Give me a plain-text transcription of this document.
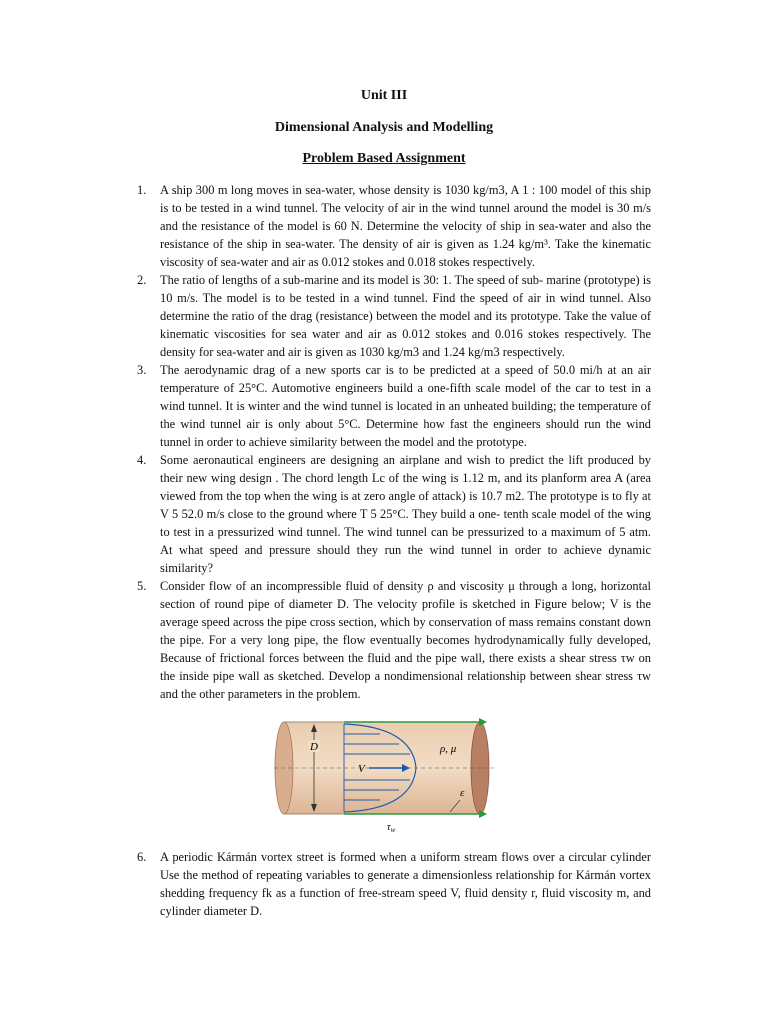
Unit III
Dimensional Analysis and Modelling
Problem Based Assignment
1. A ship 300 m long moves in sea-water, whose density is 1030 kg/m3, A 1 : 100 model of this ship is to be tested in a wind tunnel. The velocity of air in the wind tunnel around the model is 30 m/s and the resistance of the model is 60 N. Determine the velocity of ship in sea-water and also the resistance of the ship in sea-water. The density of air is given as 1.24 kg/m³. Take the kinematic viscosity of sea-water and air as 0.012 stokes and 0.018 stokes respectively.
2. The ratio of lengths of a sub-marine and its model is 30: 1. The speed of sub- marine (prototype) is 10 m/s. The model is to be tested in a wind tunnel. Find the speed of air in wind tunnel. Also determine the ratio of the drag (resistance) between the model and its prototype. Take the value of kinematic viscosities for sea water and air as 0.012 stokes and 0.016 stokes respectively. The density for sea-water and air is given as 1030 kg/m3 and 1.24 kg/m3 respectively.
3. The aerodynamic drag of a new sports car is to be predicted at a speed of 50.0 mi/h at an air temperature of 25°C. Automotive engineers build a one-fifth scale model of the car to test in a wind tunnel. It is winter and the wind tunnel is located in an unheated building; the temperature of the wind tunnel air is only about 5°C. Determine how fast the engineers should run the wind tunnel in order to achieve similarity between the model and the prototype.
4. Some aeronautical engineers are designing an airplane and wish to predict the lift produced by their new wing design . The chord length Lc of the wing is 1.12 m, and its planform area A (area viewed from the top when the wing is at zero angle of attack) is 10.7 m2. The prototype is to fly at V 5 52.0 m/s close to the ground where T 5 25°C. They build a one- tenth scale model of the wing to test in a pressurized wind tunnel. The wind tunnel can be pressurized to a maximum of 5 atm. At what speed and pressure should they run the wind tunnel in order to achieve dynamic similarity?
5. Consider flow of an incompressible fluid of density ρ and viscosity μ through a long, horizontal section of round pipe of diameter D. The velocity profile is sketched in Figure below; V is the average speed across the pipe cross section, which by conservation of mass remains constant down the pipe. For a very long pipe, the flow eventually becomes hydrodynamically fully developed, Because of frictional forces between the fluid and the pipe wall, there exists a shear stress τw on the inside pipe wall as sketched. Develop a nondimensional relationship between shear stress τw and the other parameters in the problem.
D
V
ρ, μ
ε
$\tau_w$
6. A periodic Kármán vortex street is formed when a uniform stream flows over a circular cylinder Use the method of repeating variables to generate a dimensionless relationship for Kármán vortex shedding frequency fk as a function of free-stream speed V, fluid density r, fluid viscosity m, and cylinder diameter D.
